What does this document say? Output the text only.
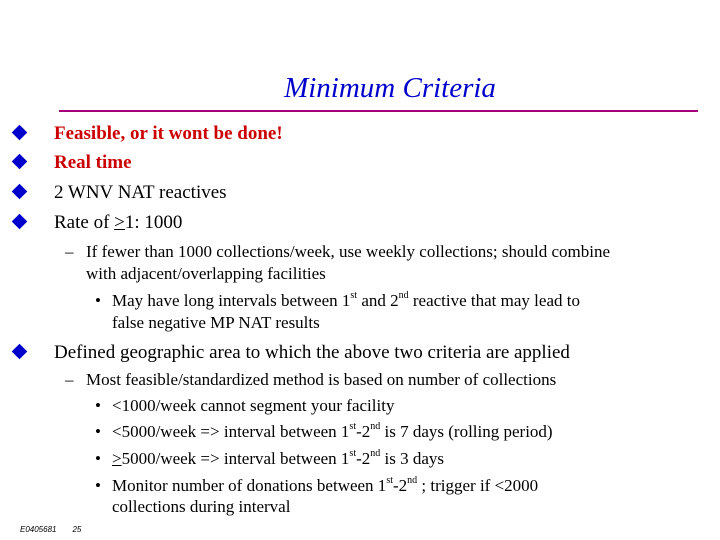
Minimum Criteria
Feasible, or it wont be done!
Real time
2 WNV NAT reactives
Rate of >1: 1000
– If fewer than 1000 collections/week, use weekly collections; should combine
with adjacent/overlapping facilities
• May have long intervals between 1st and 2nd reactive that may lead to
false negative MP NAT results
Defined geographic area to which the above two criteria are applied
– Most feasible/standardized method is based on number of collections
• <1000/week cannot segment your facility
• <5000/week => interval between 1st-2nd is 7 days (rolling period)
• >5000/week => interval between 1st-2nd is 3 days
• Monitor number of donations between 1st-2nd ; trigger if <2000
collections during interval
E0405681 25
